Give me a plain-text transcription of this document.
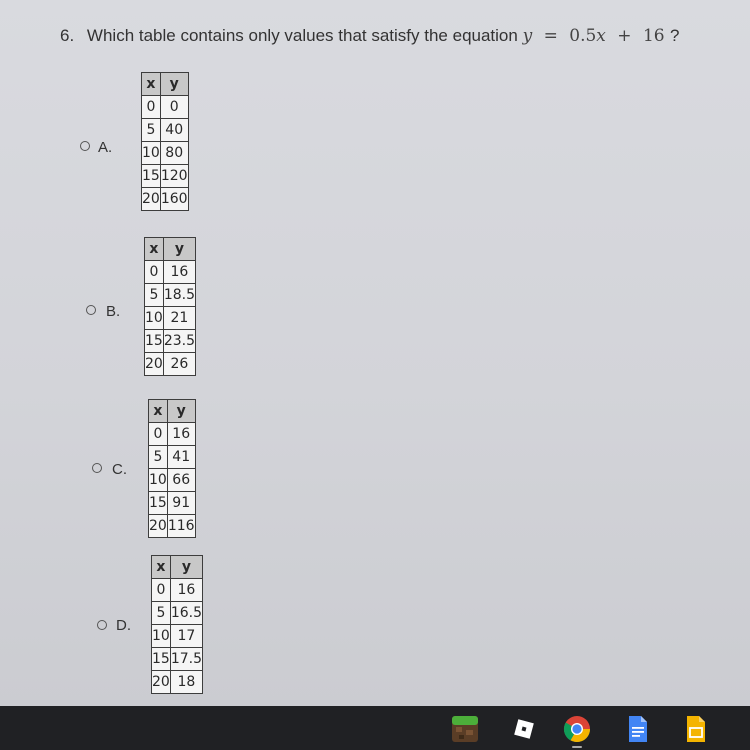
6. Which table contains only values that satisfy the equation y = 0.5x + 16 ?
A.
x	y
0	0
5	40
10	80
15	120
20	160
B.
x	y
0	16
5	18.5
10	21
15	23.5
20	26
C.
x	y
0	16
5	41
10	66
15	91
20	116
D.
x	y
0	16
5	16.5
10	17
15	17.5
20	18
